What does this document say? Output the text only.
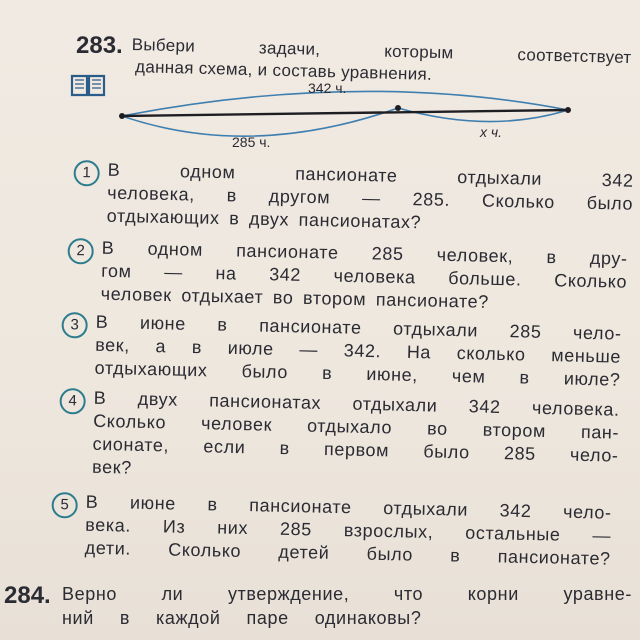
283. Выбери	задачи,	которым	соответствует
данная схема, и составь уравнения.
342 ч.
285 ч.
x ч.
1 В	одном	пансионате	отдыхали	342
человека, в другом — 285. Сколько было
отдыхающих в двух пансионатах?
2 В одном пансионате 285 человек, в дру-
гом — на 342 человека больше. Сколько
человек отдыхает во втором пансионате?
3 В июне в пансионате отдыхали 285 чело-
век, а в июле — 342. На сколько меньше
отдыхающих было в июне, чем в июле?
4 В двух пансионатах отдыхали 342 человека.
Сколько человек отдыхало во втором пан-
сионате, если в первом было 285 чело-
век?
5 В июне в пансионате отдыхали 342 чело-
века. Из них 285 взрослых, остальные —
дети. Сколько детей было в пансионате?
284. Верно ли утверждение, что корни уравне-
ний в каждой паре одинаковы?
